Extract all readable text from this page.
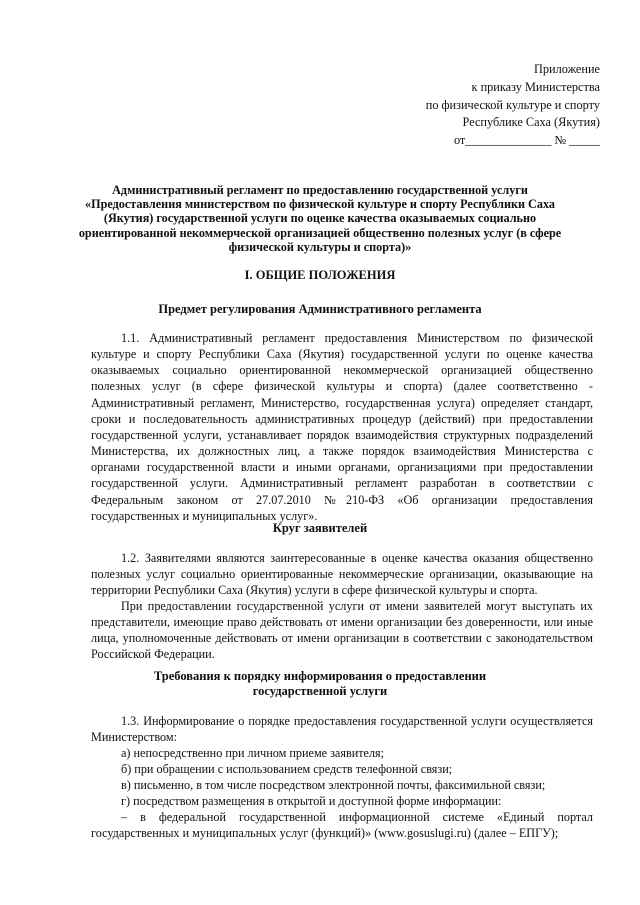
Приложение
к приказу Министерства
по физической культуре и спорту
Республике Саха (Якутия)
от______________ № _____
Административный регламент по предоставлению государственной услуги «Предоставления министерством по физической культуре и спорту Республики Саха (Якутия) государственной услуги по оценке качества оказываемых социально ориентированной некоммерческой организацией общественно полезных услуг (в сфере физической культуры и спорта)»
I. ОБЩИЕ ПОЛОЖЕНИЯ
Предмет регулирования Административного регламента

1.1. Административный регламент предоставления Министерством по физической культуре и спорту Республики Саха (Якутия) государственной услуги по оценке качества оказываемых социально ориентированной некоммерческой организацией общественно полезных услуг (в сфере физической культуры и спорта) (далее соответственно - Административный регламент, Министерство, государственная услуга) определяет стандарт, сроки и последовательность административных процедур (действий) при предоставлении государственной услуги, устанавливает порядок взаимодействия структурных подразделений Министерства, их должностных лиц, а также порядок взаимодействия Министерства с органами государственной власти и иными органами, организациями при предоставлении государственной услуги. Административный регламент разработан в соответствии с Федеральным законом от 27.07.2010 №210-ФЗ «Об организации предоставления государственных и муниципальных услуг».

Круг заявителей

1.2. Заявителями являются заинтересованные в оценке качества оказания общественно полезных услуг социально ориентированные некоммерческие организации, оказывающие на территории Республики Саха (Якутия) услуги в сфере физической культуры и спорта.

При предоставлении государственной услуги от имени заявителей могут выступать их представители, имеющие право действовать от имени организации без доверенности, или иные лица, уполномоченные действовать от имени организации в соответствии с законодательством Российской Федерации.

Требования к порядку информирования о предоставлении
государственной услуги

1.3. Информирование о порядке предоставления государственной услуги осуществляется Министерством:

а) непосредственно при личном приеме заявителя;
б) при обращении с использованием средств телефонной связи;
в) письменно, в том числе посредством электронной почты, факсимильной связи;
г) посредством размещения в открытой и доступной форме информации:

– в федеральной государственной информационной системе «Единый портал государственных и муниципальных услуг (функций)» (www.gosuslugi.ru) (далее – ЕПГУ);
